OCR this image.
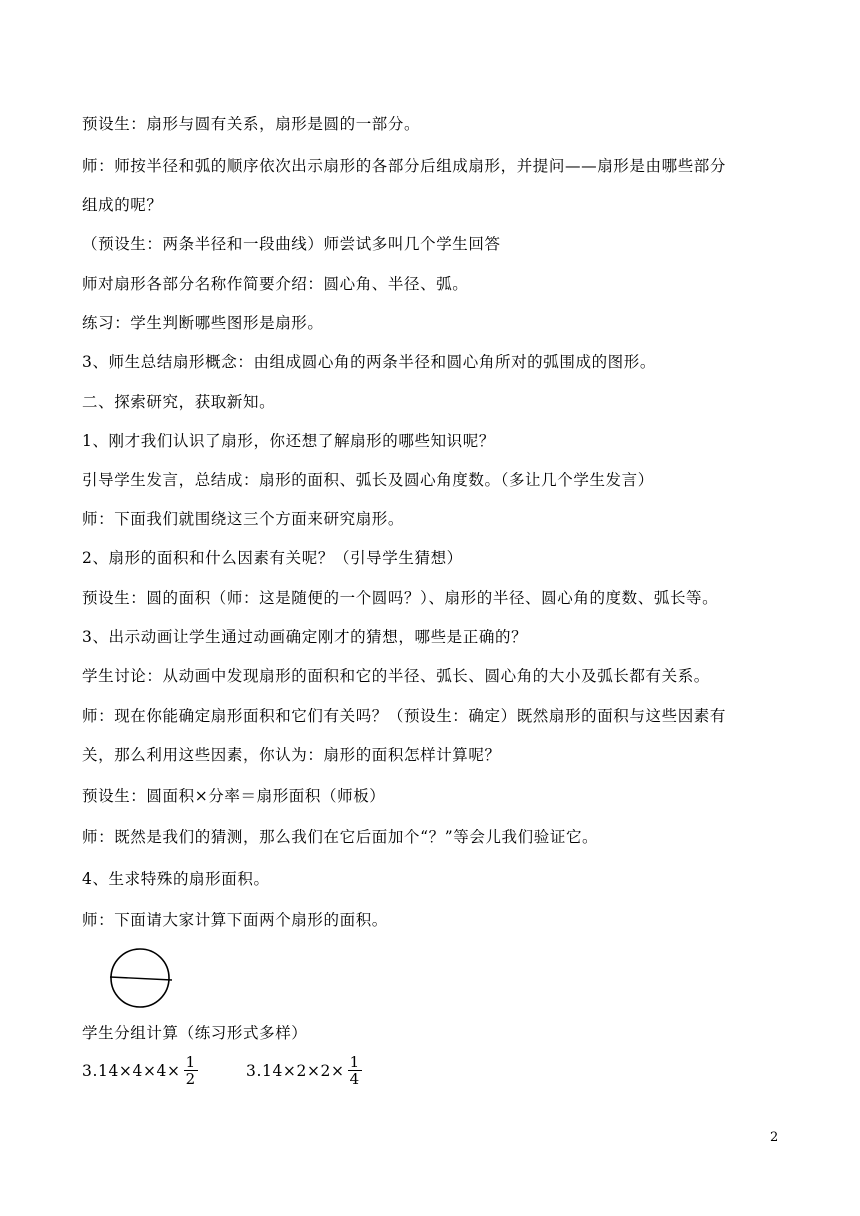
预设生：扇形与圆有关系，扇形是圆的一部分。
师：师按半径和弧的顺序依次出示扇形的各部分后组成扇形，并提问——扇形是由哪些部分
组成的呢？
（预设生：两条半径和一段曲线）师尝试多叫几个学生回答
师对扇形各部分名称作简要介绍：圆心角、半径、弧。
练习：学生判断哪些图形是扇形。
3、师生总结扇形概念：由组成圆心角的两条半径和圆心角所对的弧围成的图形。
二、探索研究，获取新知。
1、刚才我们认识了扇形，你还想了解扇形的哪些知识呢？
引导学生发言，总结成：扇形的面积、弧长及圆心角度数。（多让几个学生发言）
师：下面我们就围绕这三个方面来研究扇形。
2、扇形的面积和什么因素有关呢？（引导学生猜想）
预设生：圆的面积（师：这是随便的一个圆吗？）、扇形的半径、圆心角的度数、弧长等。
3、出示动画让学生通过动画确定刚才的猜想，哪些是正确的？
学生讨论：从动画中发现扇形的面积和它的半径、弧长、圆心角的大小及弧长都有关系。
师：现在你能确定扇形面积和它们有关吗？（预设生：确定）既然扇形的面积与这些因素有
关，那么利用这些因素，你认为：扇形的面积怎样计算呢？
预设生：圆面积×分率＝扇形面积（师板）
师：既然是我们的猜测，那么我们在它后面加个“？”等会儿我们验证它。
4、生求特殊的扇形面积。
师：下面请大家计算下面两个扇形的面积。
学生分组计算（练习形式多样）
$3.14\times 4\times 4\times \frac{1}{2}$	$3.14\times 2\times 2\times \frac{1}{4}$
2
